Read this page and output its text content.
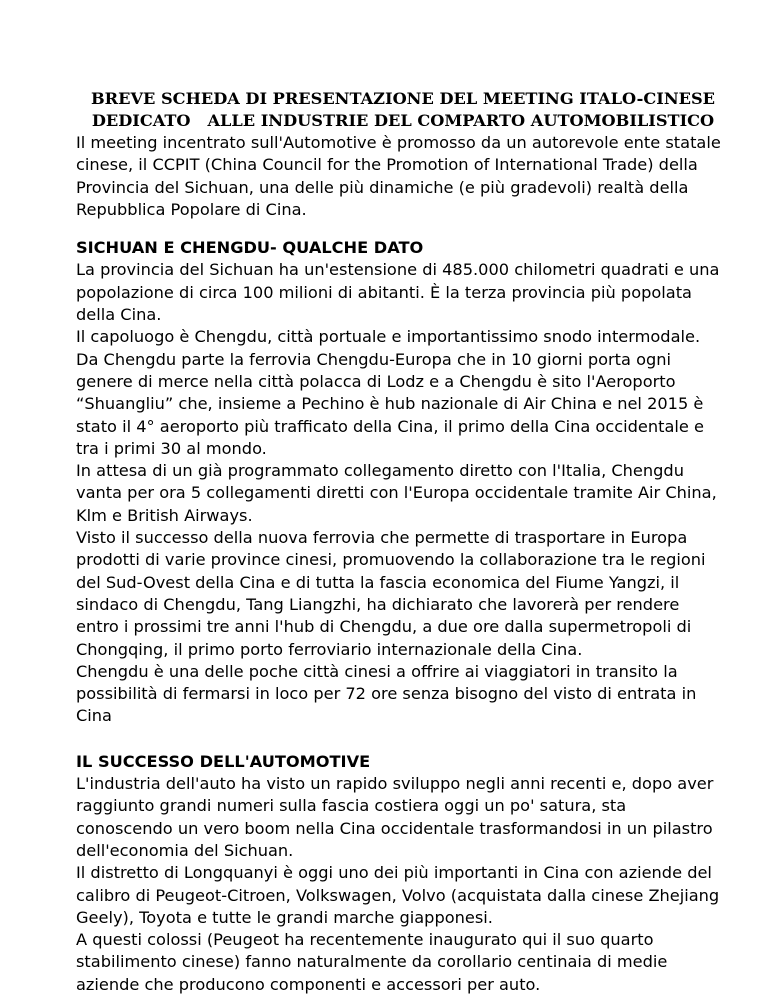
BREVE SCHEDA DI PRESENTAZIONE DEL MEETING ITALO-CINESE
DEDICATO   ALLE INDUSTRIE DEL COMPARTO AUTOMOBILISTICO

Il meeting incentrato sull'Automotive è promosso da un autorevole ente statale cinese, il CCPIT (China Council for the Promotion of International Trade) della Provincia del Sichuan, una delle più dinamiche (e più gradevoli) realtà della Repubblica Popolare di Cina.

SICHUAN E CHENGDU- QUALCHE DATO

La provincia del Sichuan ha un'estensione di 485.000 chilometri quadrati e una popolazione di circa 100 milioni di abitanti. È la terza provincia più popolata della Cina.

Il capoluogo è Chengdu, città portuale e importantissimo snodo intermodale. Da Chengdu parte la ferrovia Chengdu-Europa che in 10 giorni porta ogni genere di merce nella città polacca di Lodz e a Chengdu è sito l'Aeroporto “Shuangliu” che, insieme a Pechino è hub nazionale di Air China e nel 2015 è stato il 4° aeroporto più trafficato della Cina, il primo della Cina occidentale e tra i primi 30 al mondo.

In attesa di un già programmato collegamento diretto con l'Italia, Chengdu vanta per ora 5 collegamenti diretti con l'Europa occidentale tramite Air China, Klm e British Airways.

Visto il successo della nuova ferrovia che permette di trasportare in Europa prodotti di varie province cinesi, promuovendo la collaborazione tra le regioni del Sud-Ovest della Cina e di tutta la fascia economica del Fiume Yangzi, il sindaco di Chengdu, Tang Liangzhi, ha dichiarato che lavorerà per rendere entro i prossimi tre anni l'hub di Chengdu, a due ore dalla supermetropoli di Chongqing, il primo porto ferroviario internazionale della Cina.

Chengdu è una delle poche città cinesi a offrire ai viaggiatori in transito la possibilità di fermarsi in loco per 72 ore senza bisogno del visto di entrata in Cina

IL SUCCESSO DELL'AUTOMOTIVE

L'industria dell'auto ha visto un rapido sviluppo negli anni recenti e, dopo aver raggiunto grandi numeri sulla fascia costiera oggi un po' satura, sta conoscendo un vero boom nella Cina occidentale trasformandosi in un pilastro dell'economia del Sichuan.

Il distretto di Longquanyi è oggi uno dei più importanti in Cina con aziende del calibro di Peugeot-Citroen, Volkswagen, Volvo (acquistata dalla cinese Zhejiang Geely), Toyota e tutte le grandi marche giapponesi.

A questi colossi (Peugeot ha recentemente inaugurato qui il suo quarto stabilimento cinese) fanno naturalmente da corollario centinaia di medie aziende che producono componenti e accessori per auto.
